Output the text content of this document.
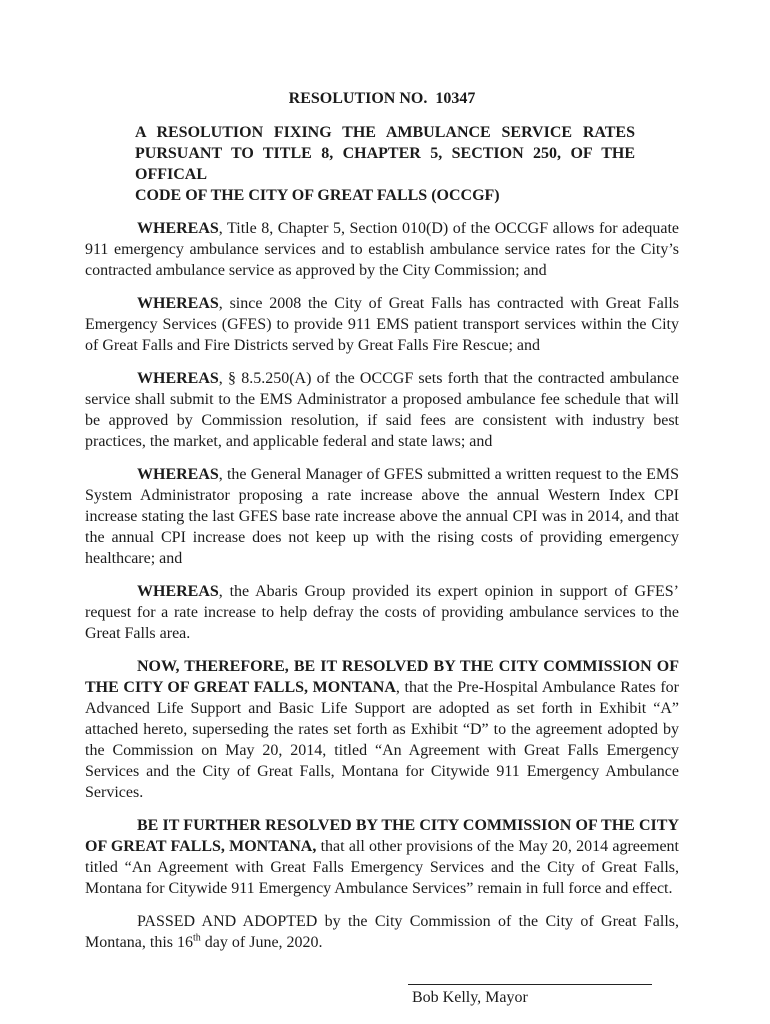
RESOLUTION NO.  10347
A RESOLUTION FIXING THE AMBULANCE SERVICE RATES
PURSUANT TO TITLE 8, CHAPTER 5, SECTION 250, OF THE OFFICAL
CODE OF THE CITY OF GREAT FALLS (OCCGF)

WHEREAS, Title 8, Chapter 5, Section 010(D) of the OCCGF allows for adequate 911 emergency ambulance services and to establish ambulance service rates for the City’s contracted ambulance service as approved by the City Commission; and

WHEREAS, since 2008 the City of Great Falls has contracted with Great Falls Emergency Services (GFES) to provide 911 EMS patient transport services within the City of Great Falls and Fire Districts served by Great Falls Fire Rescue; and

WHEREAS, § 8.5.250(A) of the OCCGF sets forth that the contracted ambulance service shall submit to the EMS Administrator a proposed ambulance fee schedule that will be approved by Commission resolution, if said fees are consistent with industry best practices, the market, and applicable federal and state laws; and

WHEREAS, the General Manager of GFES submitted a written request to the EMS System Administrator proposing a rate increase above the annual Western Index CPI increase stating the last GFES base rate increase above the annual CPI was in 2014, and that the annual CPI increase does not keep up with the rising costs of providing emergency healthcare; and

WHEREAS, the Abaris Group provided its expert opinion in support of GFES’ request for a rate increase to help defray the costs of providing ambulance services to the Great Falls area.

NOW, THEREFORE, BE IT RESOLVED BY THE CITY COMMISSION OF THE CITY OF GREAT FALLS, MONTANA, that the Pre-Hospital Ambulance Rates for Advanced Life Support and Basic Life Support are adopted as set forth in Exhibit “A” attached hereto, superseding the rates set forth as Exhibit “D” to the agreement adopted by the Commission on May 20, 2014, titled “An Agreement with Great Falls Emergency Services and the City of Great Falls, Montana for Citywide 911 Emergency Ambulance Services.

BE IT FURTHER RESOLVED BY THE CITY COMMISSION OF THE CITY OF GREAT FALLS, MONTANA, that all other provisions of the May 20, 2014 agreement titled “An Agreement with Great Falls Emergency Services and the City of Great Falls, Montana for Citywide 911 Emergency Ambulance Services” remain in full force and effect.

PASSED AND ADOPTED by the City Commission of the City of Great Falls, Montana, this 16th day of June, 2020.

Bob Kelly, Mayor
